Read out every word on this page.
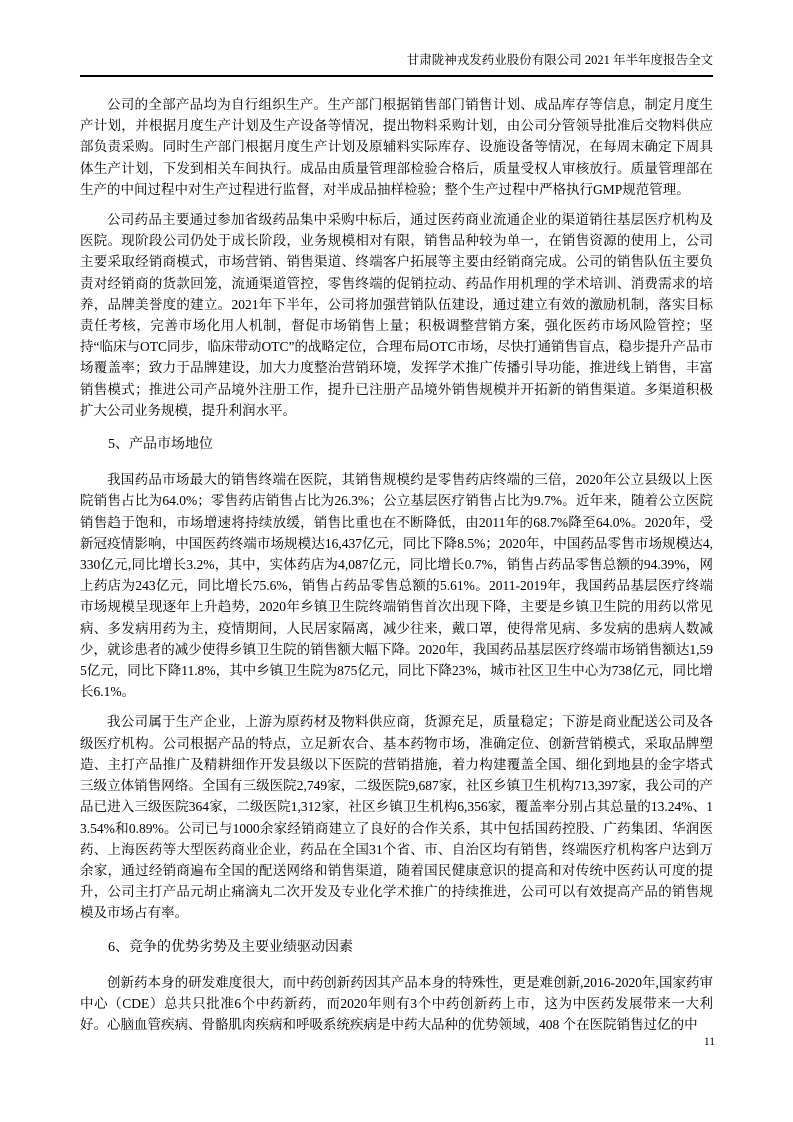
甘肃陇神戎发药业股份有限公司 2021 年半年度报告全文

公司的全部产品均为自行组织生产。生产部门根据销售部门销售计划、成品库存等信息，制定月度生产计划，并根据月度生产计划及生产设备等情况，提出物料采购计划，由公司分管领导批准后交物料供应部负责采购。同时生产部门根据月度生产计划及原辅料实际库存、设施设备等情况，在每周末确定下周具体生产计划，下发到相关车间执行。成品由质量管理部检验合格后，质量受权人审核放行。质量管理部在生产的中间过程中对生产过程进行监督，对半成品抽样检验；整个生产过程中严格执行GMP规范管理。

公司药品主要通过参加省级药品集中采购中标后，通过医药商业流通企业的渠道销往基层医疗机构及医院。现阶段公司仍处于成长阶段，业务规模相对有限，销售品种较为单一，在销售资源的使用上，公司主要采取经销商模式，市场营销、销售渠道、终端客户拓展等主要由经销商完成。公司的销售队伍主要负责对经销商的货款回笼，流通渠道管控，零售终端的促销拉动、药品作用机理的学术培训、消费需求的培养，品牌美誉度的建立。2021年下半年，公司将加强营销队伍建设，通过建立有效的激励机制，落实目标责任考核，完善市场化用人机制，督促市场销售上量；积极调整营销方案，强化医药市场风险管控；坚持“临床与OTC同步，临床带动OTC”的战略定位，合理布局OTC市场，尽快打通销售盲点，稳步提升产品市场覆盖率；致力于品牌建设，加大力度整治营销环境，发挥学术推广传播引导功能，推进线上销售，丰富销售模式；推进公司产品境外注册工作，提升已注册产品境外销售规模并开拓新的销售渠道。多渠道积极扩大公司业务规模，提升利润水平。

5、产品市场地位

我国药品市场最大的销售终端在医院，其销售规模约是零售药店终端的三倍，2020年公立县级以上医院销售占比为64.0%；零售药店销售占比为26.3%；公立基层医疗销售占比为9.7%。近年来，随着公立医院销售趋于饱和，市场增速将持续放缓，销售比重也在不断降低，由2011年的68.7%降至64.0%。2020年，受新冠疫情影响，中国医药终端市场规模达16,437亿元，同比下降8.5%；2020年，中国药品零售市场规模达4,330亿元,同比增长3.2%，其中，实体药店为4,087亿元，同比增长0.7%，销售占药品零售总额的94.39%，网上药店为243亿元，同比增长75.6%，销售占药品零售总额的5.61%。2011-2019年，我国药品基层医疗终端市场规模呈现逐年上升趋势，2020年乡镇卫生院终端销售首次出现下降，主要是乡镇卫生院的用药以常见病、多发病用药为主，疫情期间，人民居家隔离，减少往来，戴口罩，使得常见病、多发病的患病人数减少，就诊患者的减少使得乡镇卫生院的销售额大幅下降。2020年，我国药品基层医疗终端市场销售额达1,595亿元，同比下降11.8%，其中乡镇卫生院为875亿元，同比下降23%，城市社区卫生中心为738亿元，同比增长6.1%。

我公司属于生产企业，上游为原药材及物料供应商，货源充足，质量稳定；下游是商业配送公司及各级医疗机构。公司根据产品的特点，立足新农合、基本药物市场，准确定位、创新营销模式，采取品牌塑造、主打产品推广及精耕细作开发县级以下医院的营销措施，着力构建覆盖全国、细化到地县的金字塔式三级立体销售网络。全国有三级医院2,749家，二级医院9,687家，社区乡镇卫生机构713,397家，我公司的产品已进入三级医院364家，二级医院1,312家，社区乡镇卫生机构6,356家，覆盖率分别占其总量的13.24%、13.54%和0.89%。公司已与1000余家经销商建立了良好的合作关系，其中包括国药控股、广药集团、华润医药、上海医药等大型医药商业企业，药品在全国31个省、市、自治区均有销售，终端医疗机构客户达到万余家，通过经销商遍布全国的配送网络和销售渠道，随着国民健康意识的提高和对传统中医药认可度的提升，公司主打产品元胡止痛滴丸二次开发及专业化学术推广的持续推进，公司可以有效提高产品的销售规模及市场占有率。

6、竞争的优势劣势及主要业绩驱动因素

创新药本身的研发难度很大，而中药创新药因其产品本身的特殊性，更是难创新,2016-2020年,国家药审中心（CDE）总共只批准6个中药新药，而2020年则有3个中药创新药上市，这为中医药发展带来一大利好。心脑血管疾病、骨骼肌肉疾病和呼吸系统疾病是中药大品种的优势领域，408 个在医院销售过亿的中

11
